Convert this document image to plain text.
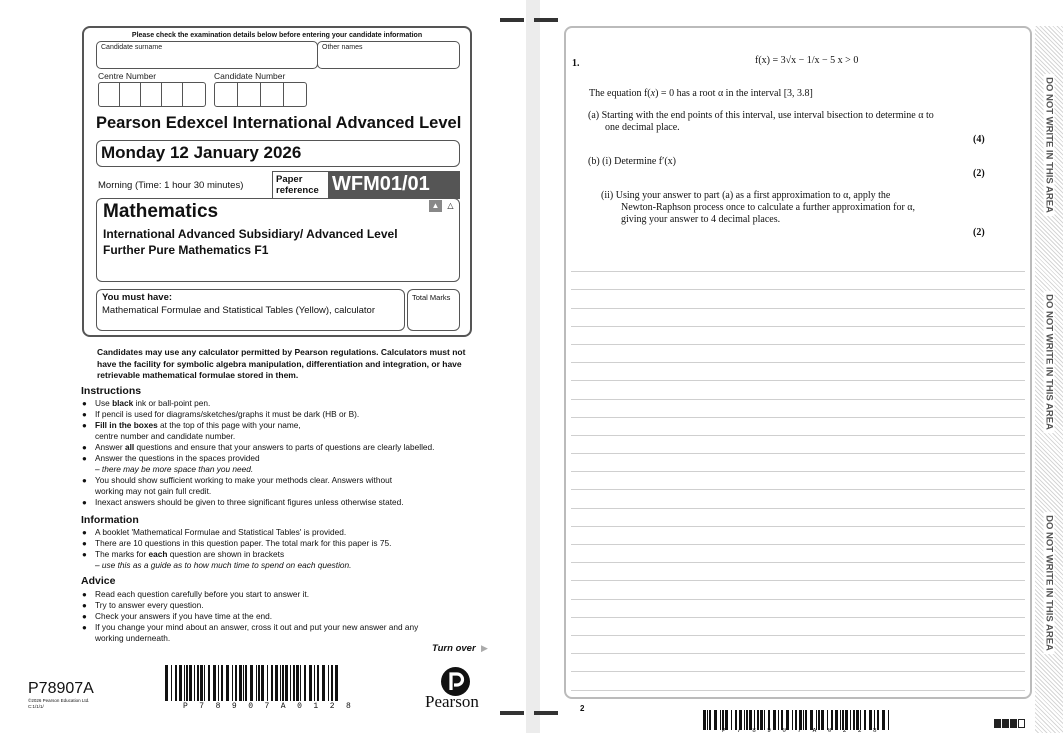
Please check the examination details below before entering your candidate information
Candidate surname	Other names
Centre Number	Candidate Number
Pearson Edexcel International Advanced Level
Monday 12 January 2026
Morning (Time: 1 hour 30 minutes)
Paper reference WFM01/01
Mathematics
International Advanced Subsidiary/ Advanced Level
Further Pure Mathematics F1
▲ △
You must have:
Mathematical Formulae and Statistical Tables (Yellow), calculator
Total Marks
Candidates may use any calculator permitted by Pearson regulations. Calculators must not have the facility for symbolic algebra manipulation, differentiation and integration, or have retrievable mathematical formulae stored in them.
Instructions
● Use black ink or ball-point pen.
● If pencil is used for diagrams/sketches/graphs it must be dark (HB or B).
● Fill in the boxes at the top of this page with your name,
centre number and candidate number.
● Answer all questions and ensure that your answers to parts of questions are clearly labelled.
● Answer the questions in the spaces provided
– there may be more space than you need.
● You should show sufficient working to make your methods clear. Answers without
working may not gain full credit.
● Inexact answers should be given to three significant figures unless otherwise stated.
Information
● A booklet 'Mathematical Formulae and Statistical Tables' is provided.
● There are 10 questions in this question paper. The total mark for this paper is 75.
● The marks for each question are shown in brackets
– use this as a guide as to how much time to spend on each question.
Advice
● Read each question carefully before you start to answer it.
● Try to answer every question.
● Check your answers if you have time at the end.
● If you change your mind about an answer, cross it out and put your new answer and any
working underneath.
Turn over ▶
P78907A
©2026 Pearson Education Ltd.
C:1/1/1/	P78907A0128	Pearson
1.	f(x) = 3√x − 1/x − 5 x > 0
The equation f(x) = 0 has a root α in the interval [3, 3.8]
(a) Starting with the end points of this interval, use interval bisection to determine α to
one decimal place.
(4)
(b) (i) Determine f′(x)
(2)
(ii) Using your answer to part (a) as a first approximation to α, apply the
Newton-Raphson process once to calculate a further approximation for α,
giving your answer to 4 decimal places.
(2)
DO NOT WRITE IN THIS AREA
DO NOT WRITE IN THIS AREA
DO NOT WRITE IN THIS AREA
2
P78907A0228
